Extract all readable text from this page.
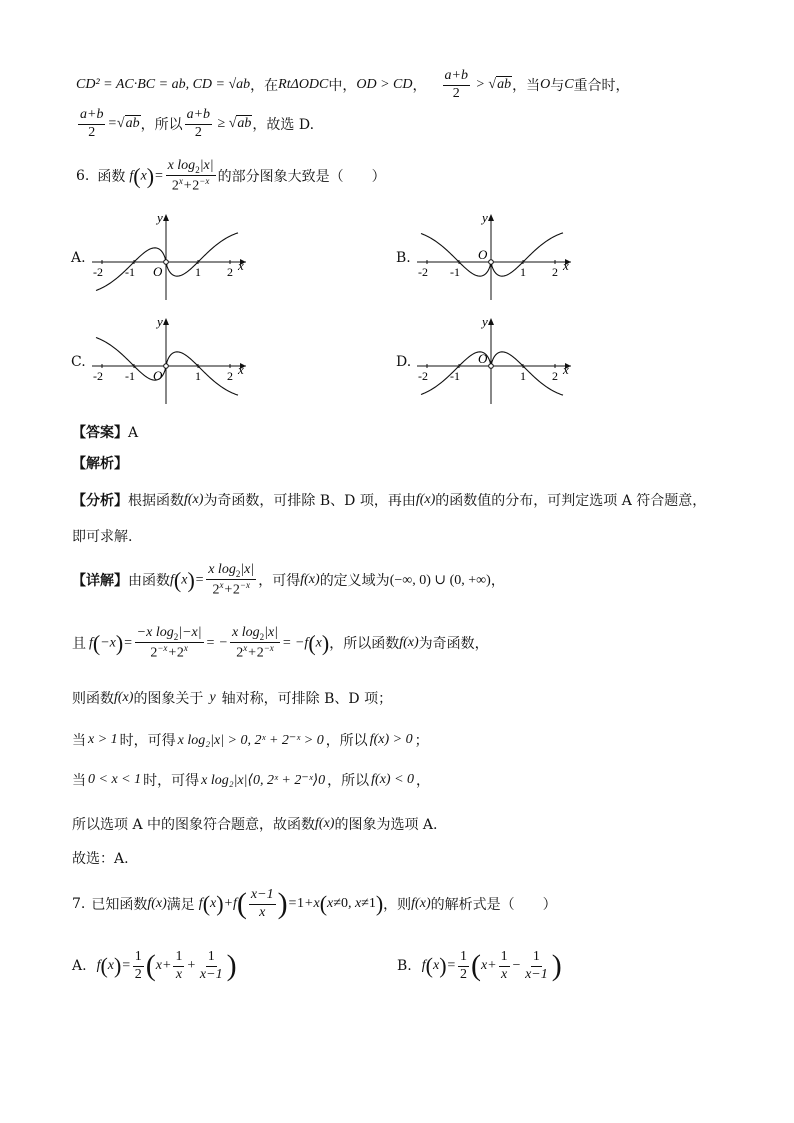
CD² = AC·BC = ab, CD = √ab ，在 RtΔODC 中， OD > CD ， $\frac{a+b}{2} > √ab$ ，当 O 与 C 重合时，
$\frac{a+b}{2} =√ab$ ，所以 $\frac{a+b}{2} \ge √ab$ ，故选 D.
6. 函数 $f(x)= \frac{x \log_2|x|}{2^x+2^{-x}}$ 的部分图象大致是（　　）
A.	x
y
O
-2 -1	1 2
B.	x
y
O
-2 -1	1 2
C.	x
y
O
-2 -1	1 2
D.	x
y
O
-2 -1	1 2
【答案】A
【解析】
【分析】 根据函数 f(x) 为奇函数，可排除 B、D 项，再由 f(x) 的函数值的分布，可判定选项 A 符合题意，
即可求解.
【详解】 由函数 $f(x)= \frac{x \log_2|x|}{2^x+2^{-x}}$ ，可得 f(x) 的定义域为 (−∞, 0) ∪ (0, +∞) ，
且 $f(-x)= \frac{-x \log_2|-x|}{2^{-x}+2^x}$ = − $\frac{x \log_2|x|}{2^x+2^{-x}} = -f(x)$ ，所以函数 f(x) 为奇函数，
则函数 f(x) 的图象关于 y 轴对称，可排除 B、D 项；
当 x > 1 时，可得 x log₂|x| > 0, 2ˣ + 2⁻ˣ > 0 ，所以 f(x) > 0 ；
当 0 < x < 1 时，可得 x log₂|x|⟨0, 2ˣ + 2⁻ˣ⟩0 ，所以 f(x) < 0 ，
所以选项 A 中的图象符合题意，故函数 f(x) 的图象为选项 A.
故选：A.
7. 已知函数 f(x) 满足 $f(x)+f( \frac{x-1}{x} )=1+x(x\ne 0$, x≠1) ，则 f(x) 的解析式是（　　）
A. $f(x)= \frac{1}{2} (x+ \frac{1}{x} + \frac{1}{x-1}$ )	B. $f(x)= \frac{1}{2} (x+ \frac{1}{x} - \frac{1}{x-1}$ )
